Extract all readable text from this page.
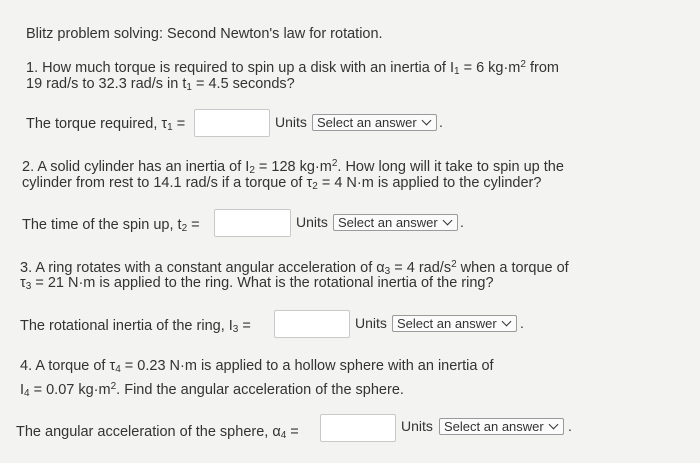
Blitz problem solving: Second Newton's law for rotation.
1. How much torque is required to spin up a disk with an inertia of $I_1 = 6$ $kg\cdot m^2$ from
19 rad/s to 32.3 rad/s in $t_1 = 4.5$ seconds?
The torque required, $\tau_1$ =	Units Select an answer	.
2. A solid cylinder has an inertia of $I_2 = 128$ $kg\cdot m^2$. How long will it take to spin up the
cylinder from rest to 14.1 rad/s if a torque of $\tau_2 = 4$ N·m is applied to the cylinder?
The time of the spin up, $t_2$ =	Units Select an answer	.
3. A ring rotates with a constant angular acceleration of $\alpha_3 = 4$ rad/$s^2$ when a torque of
$\tau_3 = 21$ N·m is applied to the ring. What is the rotational inertia of the ring?
The rotational inertia of the ring, $I_3$ =	Units Select an answer	.
4. A torque of $\tau_4 = 0.23$ N·m is applied to a hollow sphere with an inertia of
$I_4 = 0.07$ $kg\cdot m^2$. Find the angular acceleration of the sphere.
The angular acceleration of the sphere, $\alpha_4$ =	Units Select an answer	.
